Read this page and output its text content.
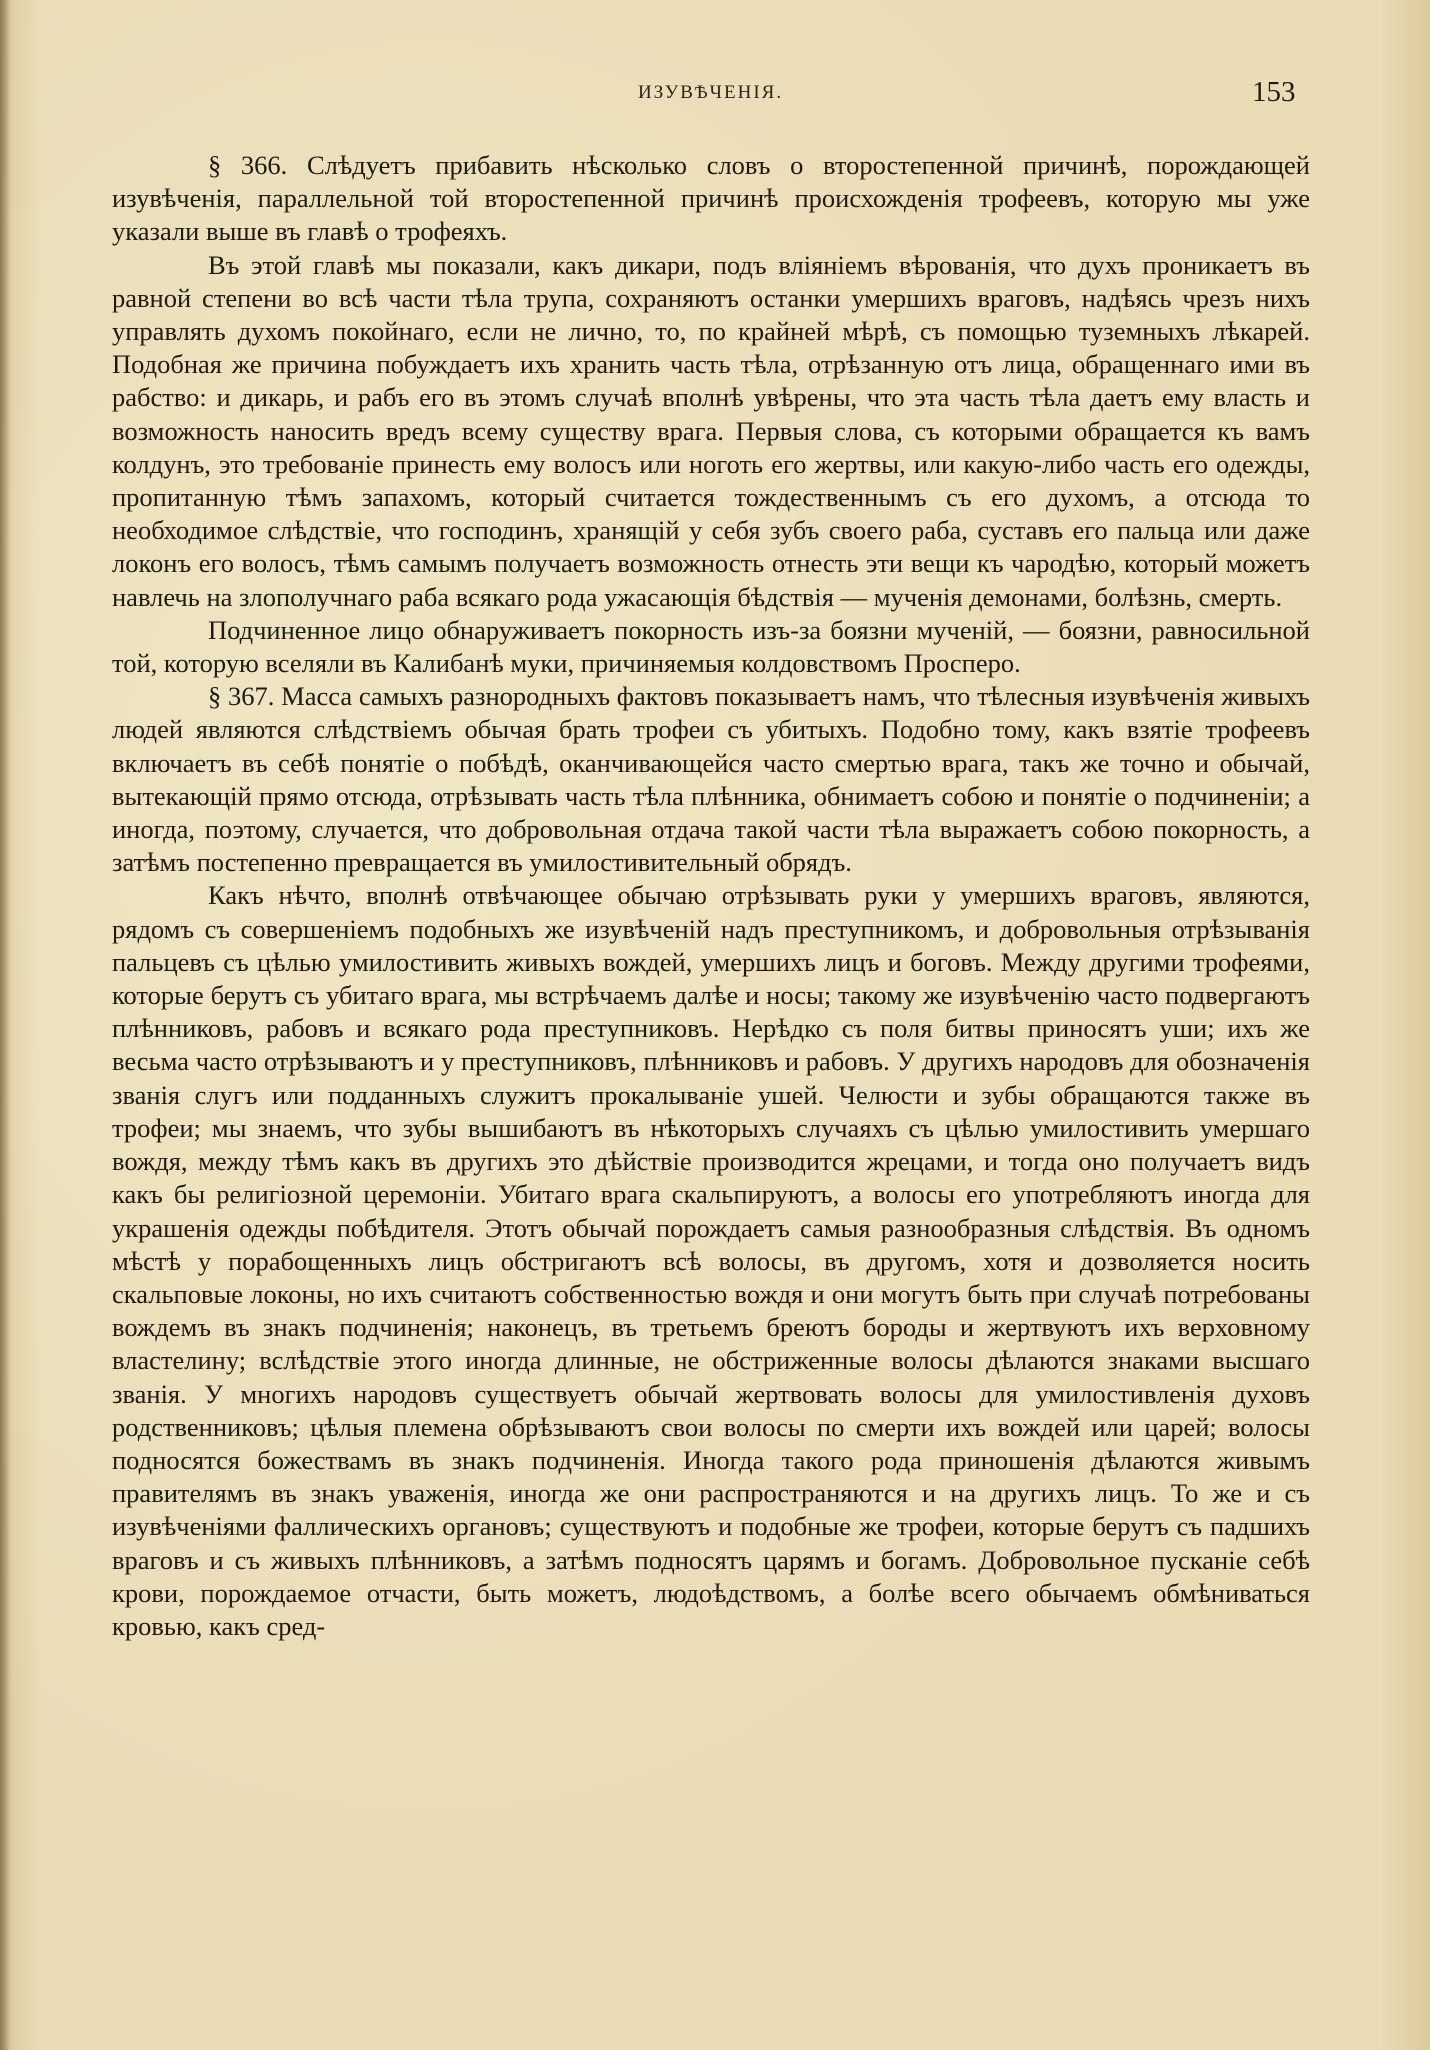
ИЗУВѢЧЕНІЯ.	153

§ 366. Слѣдуетъ прибавить нѣсколько словъ о второстепенной причинѣ, порождающей изувѣченія, параллельной той второстепенной причинѣ происхожденія трофеевъ, которую мы уже указали выше въ главѣ о трофеяхъ.

Въ этой главѣ мы показали, какъ дикари, подъ вліяніемъ вѣрованія, что духъ проникаетъ въ равной степени во всѣ части тѣла трупа, сохраняютъ останки умершихъ враговъ, надѣясь чрезъ нихъ управлять духомъ покойнаго, если не лично, то, по крайней мѣрѣ, съ помощью туземныхъ лѣкарей. Подобная же причина побуждаетъ ихъ хранить часть тѣла, отрѣзанную отъ лица, обращеннаго ими въ рабство: и дикарь, и рабъ его въ этомъ случаѣ вполнѣ увѣрены, что эта часть тѣла даетъ ему власть и возможность наносить вредъ всему существу врага. Первыя слова, съ которыми обращается къ вамъ колдунъ, это требованіе принесть ему волосъ или ноготь его жертвы, или какую-либо часть его одежды, пропитанную тѣмъ запахомъ, который считается тождественнымъ съ его духомъ, а отсюда то необходимое слѣдствіе, что господинъ, хранящій у себя зубъ своего раба, суставъ его пальца или даже локонъ его волосъ, тѣмъ самымъ получаетъ возможность отнесть эти вещи къ чародѣю, который можетъ навлечь на злополучнаго раба всякаго рода ужасающія бѣдствія — мученія демонами, болѣзнь, смерть.

Подчиненное лицо обнаруживаетъ покорность изъ-за боязни мученій, — боязни, равносильной той, которую вселяли въ Калибанѣ муки, причиняемыя колдовствомъ Просперо.

§ 367. Масса самыхъ разнородныхъ фактовъ показываетъ намъ, что тѣлесныя изувѣченія живыхъ людей являются слѣдствіемъ обычая брать трофеи съ убитыхъ. Подобно тому, какъ взятіе трофеевъ включаетъ въ себѣ понятіе о побѣдѣ, оканчивающейся часто смертью врага, такъ же точно и обычай, вытекающій прямо отсюда, отрѣзывать часть тѣла плѣнника, обнимаетъ собою и понятіе о подчиненіи; а иногда, поэтому, случается, что добровольная отдача такой части тѣла выражаетъ собою покорность, а затѣмъ постепенно превращается въ умилостивительный обрядъ.

Какъ нѣчто, вполнѣ отвѣчающее обычаю отрѣзывать руки у умершихъ враговъ, являются, рядомъ съ совершеніемъ подобныхъ же изувѣченій надъ преступникомъ, и добровольныя отрѣзыванія пальцевъ съ цѣлью умилостивить живыхъ вождей, умершихъ лицъ и боговъ. Между другими трофеями, которые берутъ съ убитаго врага, мы встрѣчаемъ далѣе и носы; такому же изувѣченію часто подвергаютъ плѣнниковъ, рабовъ и всякаго рода преступниковъ. Нерѣдко съ поля битвы приносятъ уши; ихъ же весьма часто отрѣзываютъ и у преступниковъ, плѣнниковъ и рабовъ. У другихъ народовъ для обозначенія званія слугъ или подданныхъ служитъ прокалываніе ушей. Челюсти и зубы обращаются также въ трофеи; мы знаемъ, что зубы вышибаютъ въ нѣкоторыхъ случаяхъ съ цѣлью умилостивить умершаго вождя, между тѣмъ какъ въ другихъ это дѣйствіе производится жрецами, и тогда оно получаетъ видъ какъ бы религіозной церемоніи. Убитаго врага скальпируютъ, а волосы его употребляютъ иногда для украшенія одежды побѣдителя. Этотъ обычай порождаетъ самыя разнообразныя слѣдствія. Въ одномъ мѣстѣ у порабощенныхъ лицъ обстригаютъ всѣ волосы, въ другомъ, хотя и дозволяется носить скальповые локоны, но ихъ считаютъ собственностью вождя и они могутъ быть при случаѣ потребованы вождемъ въ знакъ подчиненія; наконецъ, въ третьемъ бреютъ бороды и жертвуютъ ихъ верховному властелину; вслѣдствіе этого иногда длинные, не обстриженные волосы дѣлаются знаками высшаго званія. У многихъ народовъ существуетъ обычай жертвовать волосы для умилостивленія духовъ родственниковъ; цѣлыя племена обрѣзываютъ свои волосы по смерти ихъ вождей или царей; волосы подносятся божествамъ въ знакъ подчиненія. Иногда такого рода приношенія дѣлаются живымъ правителямъ въ знакъ уваженія, иногда же они распространяются и на другихъ лицъ. То же и съ изувѣченіями фаллическихъ органовъ; существуютъ и подобные же трофеи, которые берутъ съ падшихъ враговъ и съ живыхъ плѣнниковъ, а затѣмъ подносятъ царямъ и богамъ. Добровольное пусканіе себѣ крови, порождаемое отчасти, быть можетъ, людоѣдствомъ, а болѣе всего обычаемъ обмѣниваться кровью, какъ сред-
